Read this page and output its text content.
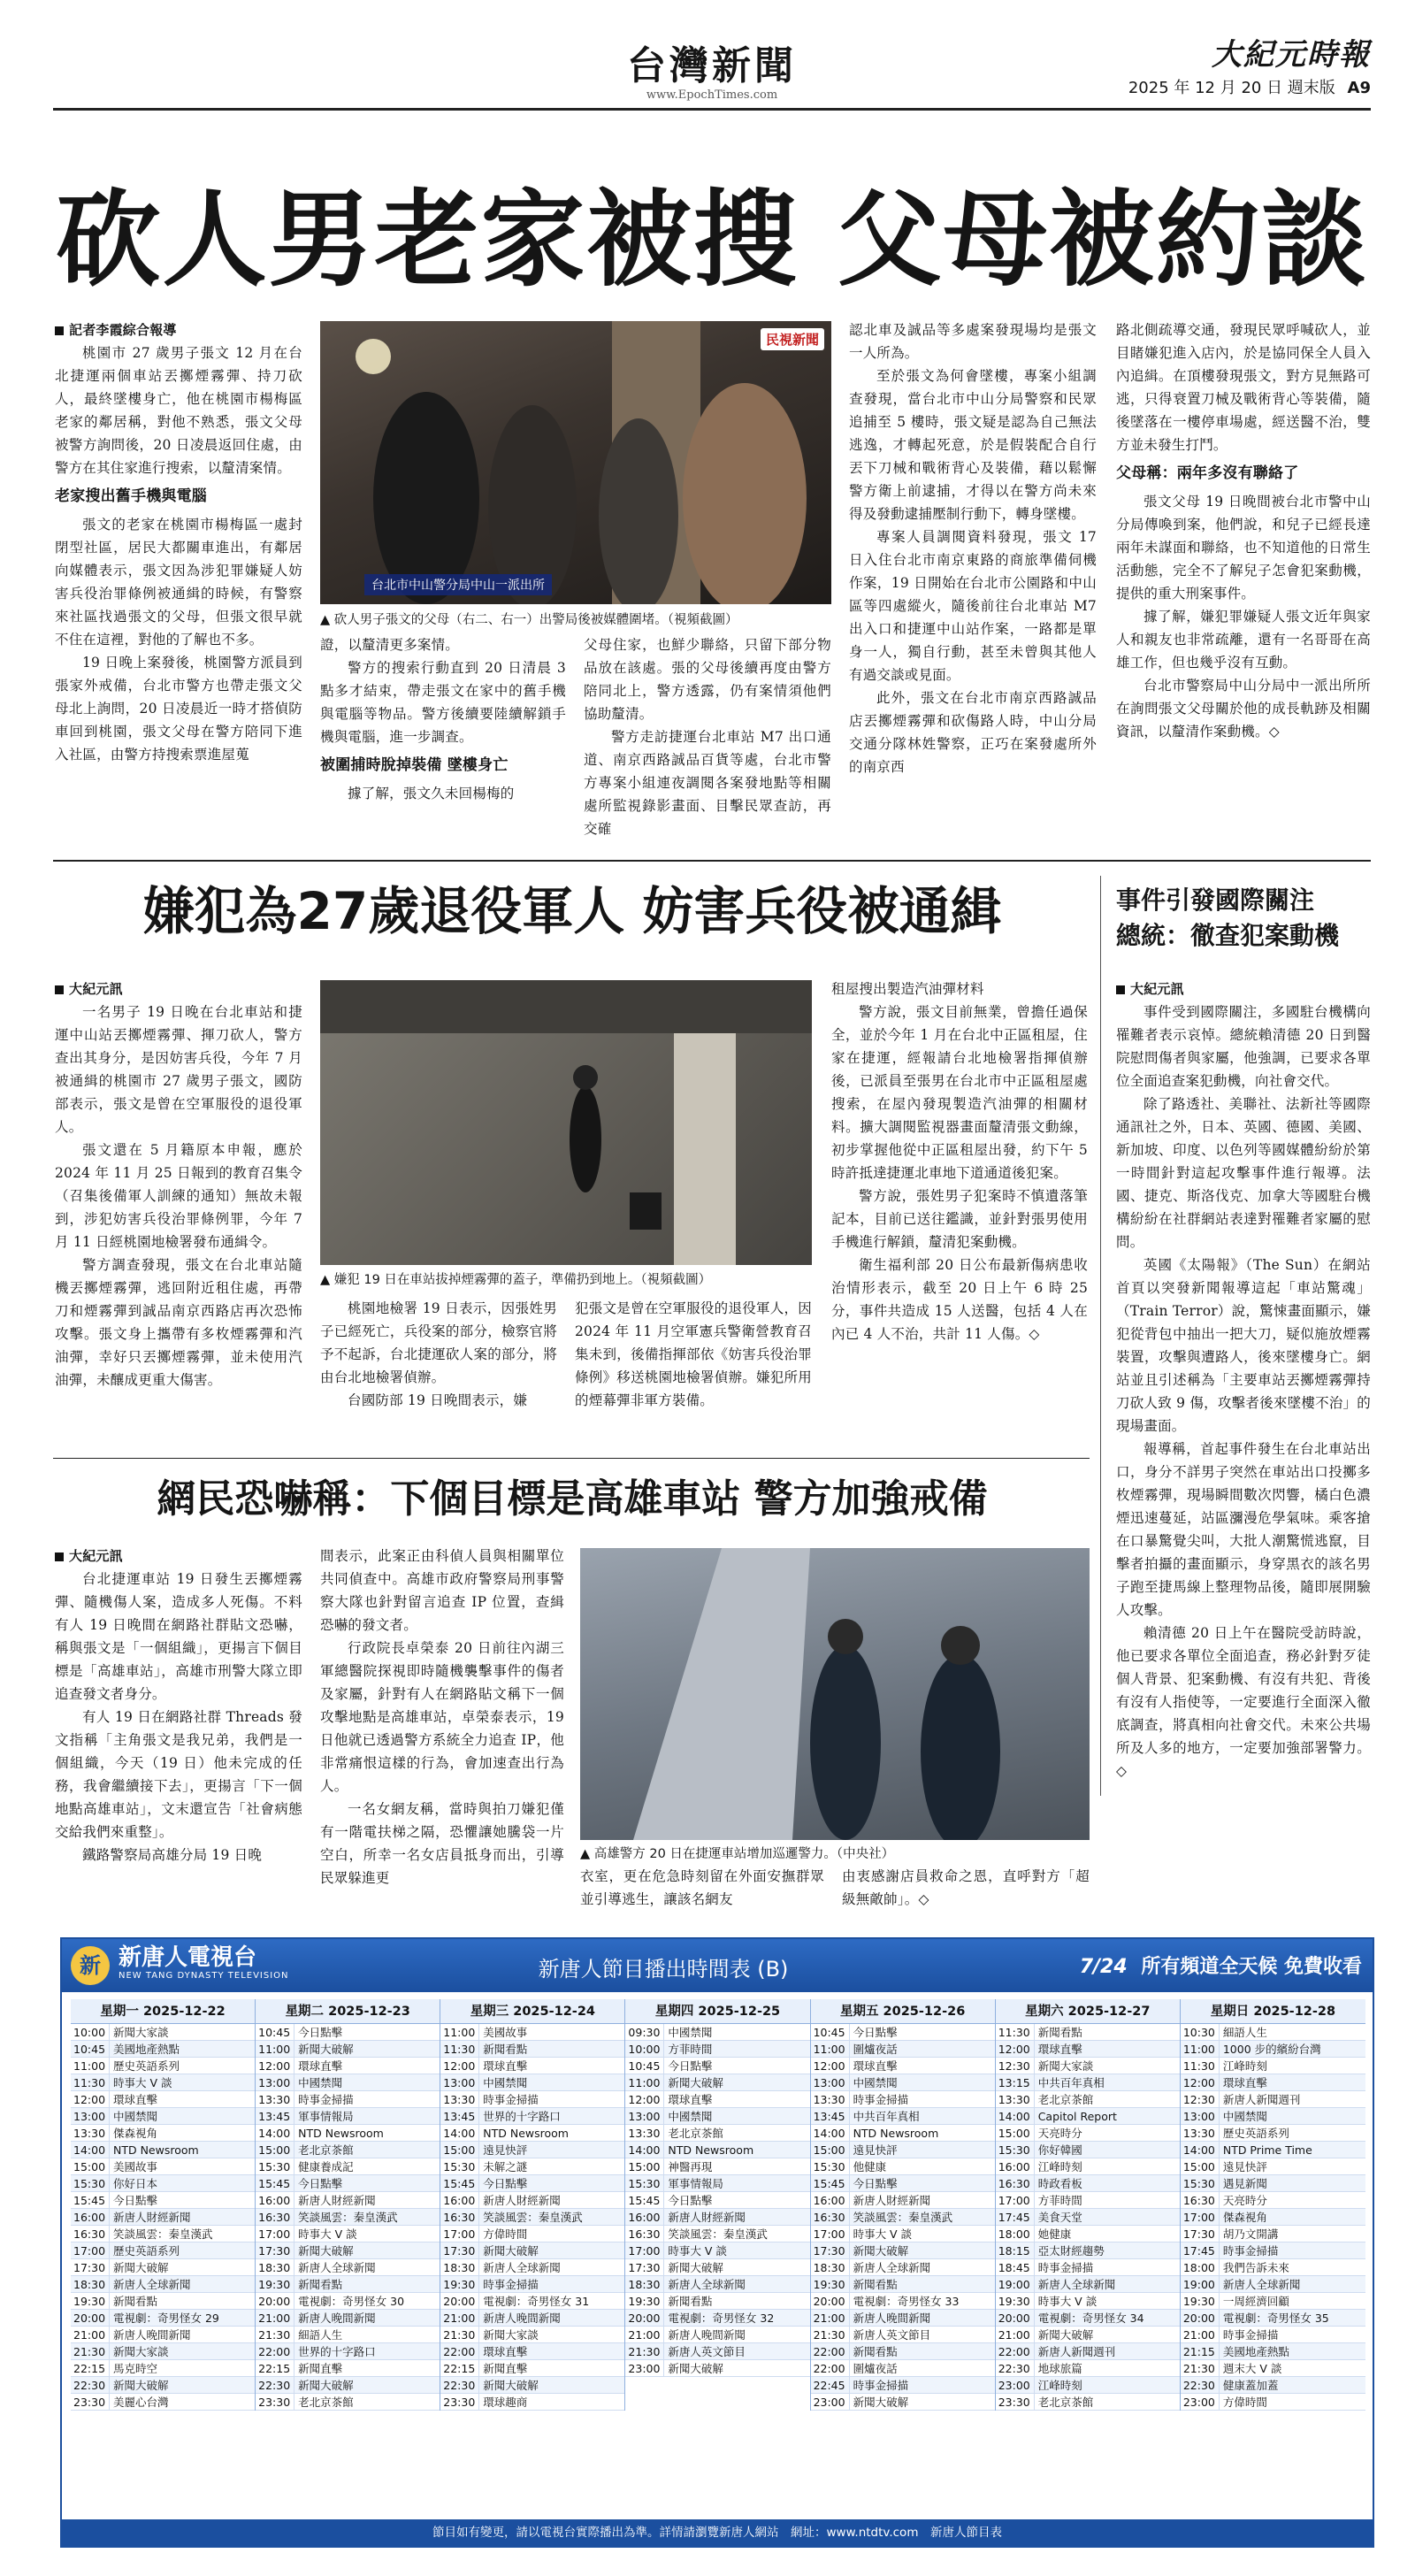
台灣新聞
www.EpochTimes.com
大紀元時報
2025 年 12 月 20 日 週末版 A9
砍人男老家被搜 父母被約談
記者李霞綜合報導

桃園市 27 歲男子張文 12 月在台北捷運兩個車站丟擲煙霧彈、持刀砍人，最終墜樓身亡，他在桃園市楊梅區老家的鄰居稱，對他不熟悉，張文父母被警方詢問後，20 日凌晨返回住處，由警方在其住家進行搜索，以釐清案情。

老家搜出舊手機與電腦

張文的老家在桃園市楊梅區一處封閉型社區，居民大都關車進出，有鄰居向媒體表示，張文因為涉犯罪嫌疑人妨害兵役治罪條例被通緝的時候，有警察來社區找過張文的父母，但張文很早就不住在這裡，對他的了解也不多。

19 日晚上案發後，桃園警方派員到張家外戒備，台北市警方也帶走張文父母北上詢問，20 日凌晨近一時才搭偵防車回到桃園，張文父母在警方陪同下進入社區，由警方持搜索票進屋蒐

民視新聞
台北市中山警分局中山一派出所
▲ 砍人男子張文的父母（右二、右一）出警局後被媒體圍堵。（視頻截圖）

證，以釐清更多案情。

警方的搜索行動直到 20 日清晨 3 點多才結束，帶走張文在家中的舊手機與電腦等物品。警方後續要陸續解鎖手機與電腦，進一步調查。

被圍捕時脫掉裝備 墜樓身亡

據了解，張文久未回楊梅的

父母住家，也鮮少聯絡，只留下部分物品放在該處。張的父母後續再度由警方陪同北上，警方透露，仍有案情須他們協助釐清。

警方走訪捷運台北車站 M7 出口通道、南京西路誠品百貨等處，台北市警方專案小組連夜調閱各案發地點等相關處所監視錄影畫面、目擊民眾查訪，再交確

認北車及誠品等多處案發現場均是張文一人所為。

至於張文為何會墜樓，專案小組調查發現，當台北市中山分局警察和民眾追捕至 5 樓時，張文疑是認為自己無法逃逸，才轉起死意，於是假裝配合自行丟下刀械和戰術背心及裝備，藉以鬆懈警方衛上前逮捕，才得以在警方尚未來得及發動逮捕壓制行動下，轉身墜樓。

專案人員調閱資料發現，張文 17 日入住台北市南京東路的商旅準備伺機作案，19 日開始在台北市公園路和中山區等四處縱火，隨後前往台北車站 M7 出入口和捷運中山站作案，一路都是單身一人，獨自行動，甚至未曾與其他人有過交談或見面。

此外，張文在台北市南京西路誠品店丟擲煙霧彈和砍傷路人時，中山分局交通分隊林姓警察，正巧在案發處所外的南京西

路北側疏導交通，發現民眾呼喊砍人，並目睹嫌犯進入店內，於是協同保全人員入內追緝。在頂樓發現張文，對方見無路可逃，只得衰置刀械及戰術背心等裝備，隨後墜落在一樓停車場處，經送醫不治，雙方並未發生打鬥。

父母稱：兩年多沒有聯絡了

張文父母 19 日晚間被台北市警中山分局傳喚到案，他們說，和兒子已經長達兩年未謀面和聯絡，也不知道他的日常生活動態，完全不了解兒子怎會犯案動機，提供的重大刑案事件。

據了解，嫌犯罪嫌疑人張文近年與家人和親友也非常疏離，還有一名哥哥在高雄工作，但也幾乎沒有互動。

台北市警察局中山分局中一派出所所在詢問張文父母關於他的成長軌跡及相關資訊，以釐清作案動機。◇

嫌犯為27歲退役軍人 妨害兵役被通緝
大紀元訊

一名男子 19 日晚在台北車站和捷運中山站丟擲煙霧彈、揮刀砍人，警方查出其身分，是因妨害兵役，今年 7 月被通緝的桃園市 27 歲男子張文，國防部表示，張文是曾在空軍服役的退役軍人。

張文還在 5 月籍原本申報，應於 2024 年 11 月 25 日報到的教育召集令（召集後備軍人訓練的通知）無故未報到，涉犯妨害兵役治罪條例罪，今年 7 月 11 日經桃園地檢署發布通緝令。

警方調查發現，張文在台北車站隨機丟擲煙霧彈，逃回附近租住處，再帶刀和煙霧彈到誠品南京西路店再次恐怖攻擊。張文身上攜帶有多枚煙霧彈和汽油彈，幸好只丟擲煙霧彈，並未使用汽油彈，未釀成更重大傷害。

▲ 嫌犯 19 日在車站拔掉煙霧彈的蓋子，準備扔到地上。（視頻截圖）

桃園地檢署 19 日表示，因張姓男子已經死亡，兵役案的部分，檢察官將予不起訴，台北捷運砍人案的部分，將由台北地檢署偵辦。

台國防部 19 日晚間表示，嫌

犯張文是曾在空軍服役的退役軍人，因 2024 年 11 月空軍憲兵警衛營教育召集未到，後備指揮部依《妨害兵役治罪條例》移送桃園地檢署偵辦。嫌犯所用的煙幕彈非軍方裝備。

租屋搜出製造汽油彈材料

警方說，張文目前無業，曾擔任過保全，並於今年 1 月在台北中正區租屋，住家在捷運，經報請台北地檢署指揮偵辦後，已派員至張男在台北市中正區租屋處搜索，在屋內發現製造汽油彈的相關材料。擴大調閱監視器畫面釐清張文動線，初步掌握他從中正區租屋出發，約下午 5 時許抵達捷運北車地下道通道後犯案。

警方說，張姓男子犯案時不慎遺落筆記本，目前已送往鑑識，並針對張男使用手機進行解鎖，釐清犯案動機。

衛生福利部 20 日公布最新傷病患收治情形表示，截至 20 日上午 6 時 25 分，事件共造成 15 人送醫，包括 4 人在內已 4 人不治，共計 11 人傷。◇

事件引發國際關注
總統：徹查犯案動機
大紀元訊

事件受到國際關注，多國駐台機構向罹難者表示哀悼。總統賴清德 20 日到醫院慰問傷者與家屬，他強調，已要求各單位全面追查案犯動機，向社會交代。

除了路透社、美聯社、法新社等國際通訊社之外，日本、英國、德國、美國、新加坡、印度、以色列等國媒體紛紛於第一時間針對這起攻擊事件進行報導。法國、捷克、斯洛伐克、加拿大等國駐台機構紛紛在社群網站表達對罹難者家屬的慰問。

英國《太陽報》（The Sun）在網站首頁以突發新聞報導這起「車站驚魂」（Train Terror）說，驚悚畫面顯示，嫌犯從背包中抽出一把大刀，疑似施放煙霧裝置，攻擊與遭路人，後來墜樓身亡。網站並且引述稱為「主要車站丟擲煙霧彈持刀砍人致 9 傷，攻擊者後來墜樓不治」的現場畫面。

報導稱，首起事件發生在台北車站出口，身分不詳男子突然在車站出口投擲多枚煙霧彈，現場瞬間數次閃響，橘白色濃煙迅速蔓延，站區瀰漫危學氣味。乘客搶在口暴驚覺尖叫，大批人潮驚慌逃竄，目擊者拍攝的畫面顯示，身穿黑衣的該名男子跑至捷馬線上整理物品後，隨即展開驗人攻擊。

賴清德 20 日上午在醫院受訪時說，他已要求各單位全面追查，務必針對歹徒個人背景、犯案動機、有沒有共犯、背後有沒有人指使等，一定要進行全面深入徹底調查，將真相向社會交代。未來公共場所及人多的地方，一定要加強部署警力。◇

網民恐嚇稱：下個目標是高雄車站 警方加強戒備
大紀元訊

台北捷運車站 19 日發生丟擲煙霧彈、隨機傷人案，造成多人死傷。不料有人 19 日晚間在網路社群貼文恐嚇，稱與張文是「一個組織」，更揚言下個目標是「高雄車站」，高雄市刑警大隊立即追查發文者身分。

有人 19 日在網路社群 Threads 發文指稱「主角張文是我兄弟，我們是一個組織，今天（19 日）他未完成的任務，我會繼續接下去」，更揚言「下一個地點高雄車站」，文末還宣告「社會病態交給我們來重整」。

鐵路警察局高雄分局 19 日晚

間表示，此案正由科偵人員與相關單位共同偵查中。高雄市政府警察局刑事警察大隊也針對留言追查 IP 位置，查緝恐嚇的發文者。

行政院長卓榮泰 20 日前往內湖三軍總醫院探視即時隨機襲擊事件的傷者及家屬，針對有人在網路貼文稱下一個攻擊地點是高雄車站，卓榮泰表示，19 日他就已透過警方系統全力追查 IP，他非常痛恨這樣的行為，會加速查出行為人。

一名女網友稱，當時與拍刀嫌犯僅有一階電扶梯之隔，恐懼讓她騰袋一片空白，所幸一名女店員抵身而出，引導民眾躲進更

▲ 高雄警方 20 日在捷運車站增加巡邏警力。（中央社）

衣室，更在危急時刻留在外面安撫群眾並引導逃生，讓該名網友

由衷感謝店員救命之恩，直呼對方「超級無敵帥」。◇

新 新唐人電視台
NEW TANG DYNASTY TELEVISION	新唐人節目播出時間表 (B)	7/24 所有頻道全天候 免費收看
星期一 2025-12-22
10:00 新聞大家談
10:45 美國地產熱點
11:00 歷史英語系列
11:30 時事大 V 談
12:00 環球直擊
13:00 中國禁聞
13:30 傑森視角
14:00 NTD Newsroom
15:00 美國故事
15:30 你好日本
15:45 今日點擊
16:00 新唐人財經新聞
16:30 笑談風雲：秦皇漢武
17:00 歷史英語系列
17:30 新聞大破解
18:30 新唐人全球新聞
19:30 新聞看點
20:00 電視劇：奇男怪女 29
21:00 新唐人晚間新聞
21:30 新聞大家談
22:15 馬克時空
22:30 新聞大破解
23:30 美麗心台灣
星期二 2025-12-23
10:45 今日點擊
11:00 新聞大破解
12:00 環球直擊
13:00 中國禁聞
13:30 時事金掃描
13:45 軍事情報局
14:00 NTD Newsroom
15:00 老北京茶館
15:30 健康養成記
15:45 今日點擊
16:00 新唐人財經新聞
16:30 笑談風雲：秦皇漢武
17:00 時事大 V 談
17:30 新聞大破解
18:30 新唐人全球新聞
19:30 新聞看點
20:00 電視劇：奇男怪女 30
21:00 新唐人晚間新聞
21:30 細語人生
22:00 世界的十字路口
22:15 新聞直擊
22:30 新聞大破解
23:30 老北京茶館
星期三 2025-12-24
11:00 美國故事
11:30 新聞看點
12:00 環球直擊
13:00 中國禁聞
13:30 時事金掃描
13:45 世界的十字路口
14:00 NTD Newsroom
15:00 遠見快評
15:30 未解之謎
15:45 今日點擊
16:00 新唐人財經新聞
16:30 笑談風雲：秦皇漢武
17:00 方偉時間
17:30 新聞大破解
18:30 新唐人全球新聞
19:30 時事金掃描
20:00 電視劇：奇男怪女 31
21:00 新唐人晚間新聞
21:30 新聞大家談
22:00 環球直擊
22:15 新聞直擊
22:30 新聞大破解
23:30 環球趣商
星期四 2025-12-25
09:30 中國禁聞
10:00 方菲時間
10:45 今日點擊
11:00 新聞大破解
12:00 環球直擊
13:00 中國禁聞
13:30 老北京茶館
14:00 NTD Newsroom
15:00 神醫再現
15:30 軍事情報局
15:45 今日點擊
16:00 新唐人財經新聞
16:30 笑談風雲：秦皇漢武
17:00 時事大 V 談
17:30 新聞大破解
18:30 新唐人全球新聞
19:30 新聞看點
20:00 電視劇：奇男怪女 32
21:00 新唐人晚間新聞
21:30 新唐人英文節目
23:00 新聞大破解
星期五 2025-12-26
10:45 今日點擊
11:00 圍爐夜話
12:00 環球直擊
13:00 中國禁聞
13:30 時事金掃描
13:45 中共百年真相
14:00 NTD Newsroom
15:00 遠見快評
15:30 他健康
15:45 今日點擊
16:00 新唐人財經新聞
16:30 笑談風雲：秦皇漢武
17:00 時事大 V 談
17:30 新聞大破解
18:30 新唐人全球新聞
19:30 新聞看點
20:00 電視劇：奇男怪女 33
21:00 新唐人晚間新聞
21:30 新唐人英文節目
22:00 新聞看點
22:00 圍爐夜話
22:45 時事金掃描
23:00 新聞大破解
星期六 2025-12-27
11:30 新聞看點
12:00 環球直擊
12:30 新聞大家談
13:15 中共百年真相
13:30 老北京茶館
14:00 Capitol Report
15:00 天亮時分
15:30 你好韓國
16:00 江峰時刻
16:30 時政看板
17:00 方菲時間
17:45 美食天堂
18:00 她健康
18:15 亞太財經趨勢
18:45 時事金掃描
19:00 新唐人全球新聞
19:30 時事大 V 談
20:00 電視劇：奇男怪女 34
21:00 新聞大破解
22:00 新唐人新聞週刊
22:30 地球旅篇
23:00 江峰時刻
23:30 老北京茶館
星期日 2025-12-28
10:30 細語人生
11:00 1000 步的繽紛台灣
11:30 江峰時刻
12:00 環球直擊
12:30 新唐人新聞週刊
13:00 中國禁聞
13:30 歷史英語系列
14:00 NTD Prime Time
15:00 遠見快評
15:30 遇見新聞
16:30 天亮時分
17:00 傑森視角
17:30 胡乃文開講
17:45 時事金掃描
18:00 我們告訴未來
19:00 新唐人全球新聞
19:30 一周經濟回顧
20:00 電視劇：奇男怪女 35
21:00 時事金掃描
21:15 美國地產熱點
21:30 週末大 V 談
22:30 健康蓋加蓋
23:00 方偉時間
節目如有變更，請以電視台實際播出為準。詳情請瀏覽新唐人網站　網址：www.ntdtv.com　新唐人節目表
